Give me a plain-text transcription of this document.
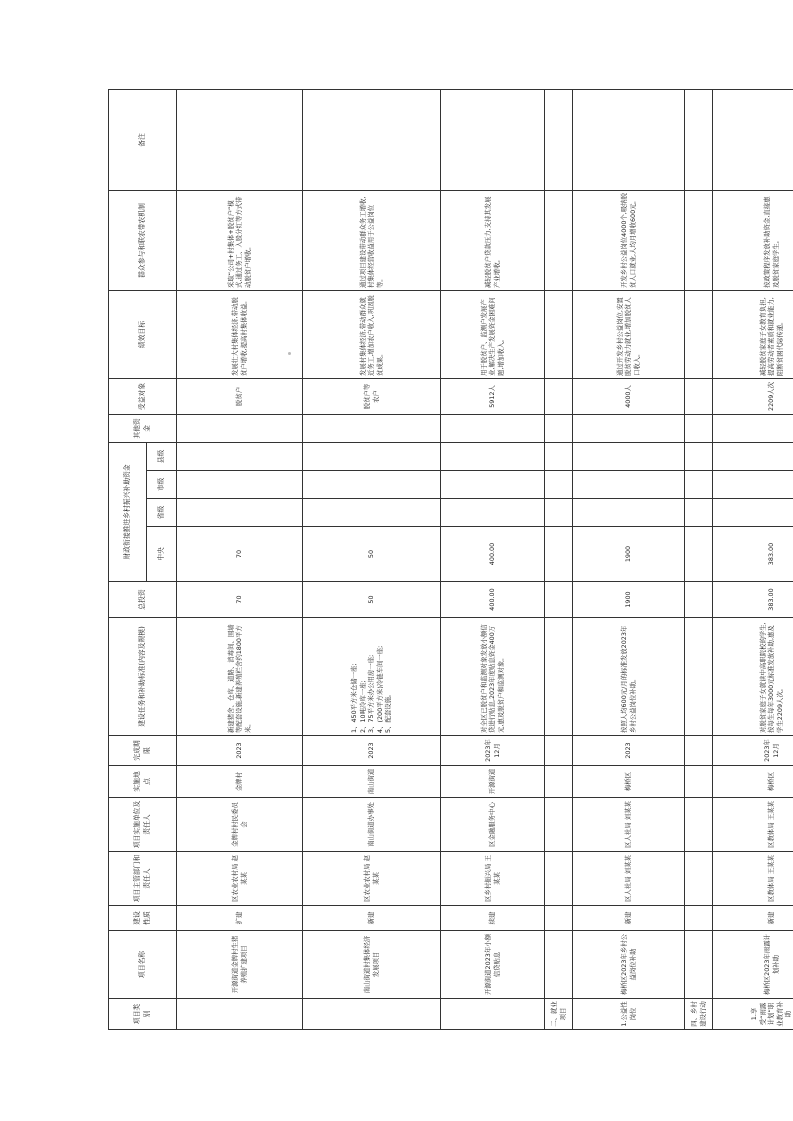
项目类别	项目名称	建设性质	项目主管部门和责任人	项目实施单位及责任人	实施地点	完成期限	建设任务和补助标准(内容及规模)	总投资	财政衔接推进乡村振兴补助资金				其他资金	受益对象	绩效目标	群众参与和联农带农机制	备注
									中央	省级	市级	县级					
	开源街道金牌村生猪养殖扩建项目	扩建	区农业农村局 赵某某	金牌村村民委员会	金牌村	2023	新建猪舍、仓库、道路、消毒间、围墙等配套设施,新建养殖栏舍约1800平方米。	70	70					脱贫户	发展壮大村集体经济,带动脱贫户增收,提高村集体收益。	采取“公司+村集体+脱贫户”模式,通过务工、入股分红等方式带动脱贫户增收。	
	南山街道村集体经济发展项目	新建	区农业农村局 赵某某	南山街道办事处	南山街道	2023	1、450平方米仓储一座;
2、10吨冷库一座;
3、75平方米办公用房一座;
4、(200平方米)冷链车间一座;
5、配套设施。	50	50					脱贫户等农户	发展村集体经济,带动群众就近务工,增加农户收入,巩固脱贫成果。	通过项目建设带动群众务工增收,村集体经营收益用于公益岗位等。	
	开源街道2023年小额信贷贴息	续建	区乡村振兴局 王某某	区金融服务中心	开源街道	2023年12月	对全区已脱贫户和监测对象发放小额信贷进行贴息,2023年度贴息资金400万元,惠及脱贫户和监测对象。	400.00	400.00					5912人	用于脱贫户、监测户发展产业,解决生产发展资金困难问题,增加收入。	减轻脱贫户贷款压力,支持其发展产业增收。	
二、就业项目																	
1.公益性岗位	梅桥区2023年乡村公益岗位补助	新建	区人社局 刘某某	区人社局 刘某某	梅桥区	2023	按照人均600元/月的标准发放2023年乡村公益岗位补助。	1900	1900					4000人	通过开发乡村公益岗位,安置脱贫劳动力就业,增加脱贫人口收入。	开发乡村公益岗位4000个,吸纳脱贫人口就业,人均月增收600元。	
四、乡村建设行动																	
1.享受“雨露计划”职业教育补助	梅桥区2023年雨露计划补助	新建	区教体局 王某某	区教体局 王某某	梅桥区	2023年12月	对脱贫家庭子女就读中高职院校的学生,按每生每年3000元标准发放补助,惠及学生2209人次。	383.00	383.00					2209人次	减轻脱贫家庭子女教育负担,提高劳动者素质和就业能力,阻断贫困代际传递。	按政策程序发放补助资金,直接惠及脱贫家庭学生。	
